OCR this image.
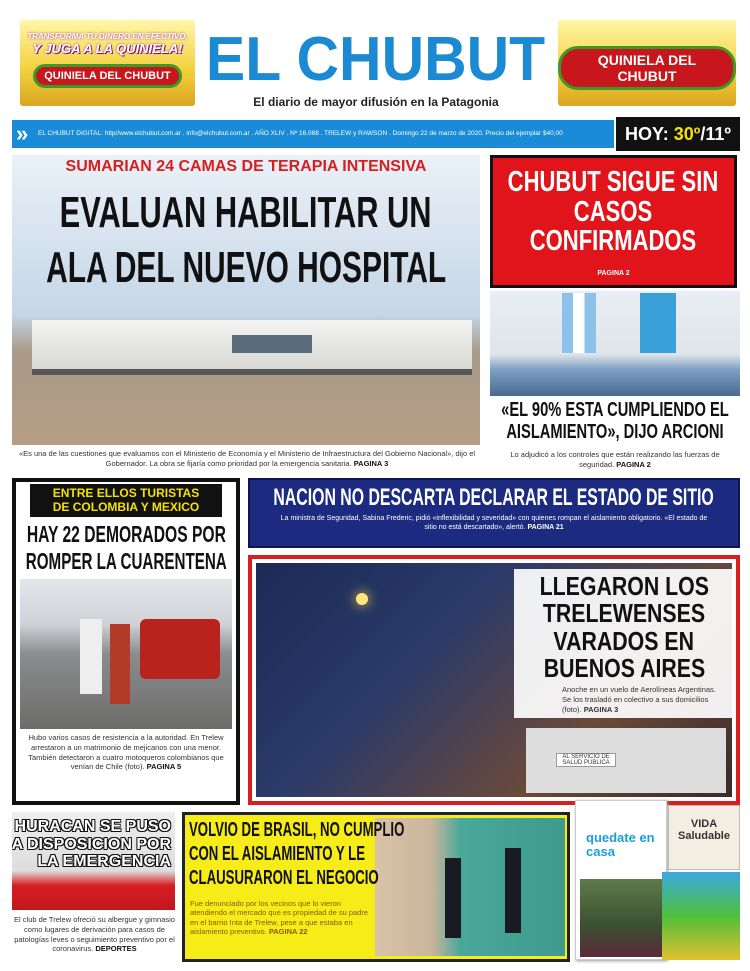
TRANSFORMA TU DINERO EN EFECTIVO,
Y JUGA A LA QUINIELA!
QUINIELA DEL CHUBUT
QUINIELA DEL CHUBUT
EL CHUBUT
El diario de mayor difusión en la Patagonia
EL CHUBUT DIGITAL: http//www.elchubut.com.ar . info@elchubut.com.ar . AÑO XLIV . Nº 16.088 . TRELEW y RAWSON . Domingo 22 de marzo de 2020. Precio del ejemplar $40,00
»	HOY: 30º/11º
SUMARIAN 24 CAMAS DE TERAPIA INTENSIVA
EVALUAN HABILITAR UN
ALA DEL NUEVO HOSPITAL
«Es una de las cuestiones que evaluamos con el Ministerio de Economía y el Ministerio de Infraestructura del Gobierno Nacional», dijo el Gobernador. La obra se fijaría como prioridad por la emergencia sanitaria. PAGINA 3
CHUBUT SIGUE SIN CASOS CONFIRMADOS
PAGINA 2
«EL 90% ESTA CUMPLIENDO EL AISLAMIENTO», DIJO ARCIONI
Lo adjudicó a los controles que están realizando las fuerzas de seguridad. PAGINA 2
ENTRE ELLOS TURISTAS
DE COLOMBIA Y MEXICO
HAY 22 DEMORADOS POR
ROMPER LA CUARENTENA
Hubo varios casos de resistencia a la autoridad. En Trelew arrestaron a un matrimonio de mejicanos con una menor. También detectaron a cuatro motoqueros colombianos que venían de Chile (foto). PAGINA 5
NACION NO DESCARTA DECLARAR EL ESTADO DE SITIO
La ministra de Seguridad, Sabina Frederic, pidió «inflexibilidad y severidad» con quienes rompan el aislamiento obligatorio. «El estado de sitio no está descartado», alertó. PAGINA 21
AL SERVICIO DE SALUD PUBLICA
LLEGARON LOS
TRELEWENSES
VARADOS EN
BUENOS AIRES
Anoche en un vuelo de Aerolíneas Argentinas. Se los trasladó en colectivo a sus domicilios (foto). PAGINA 3
HURACAN SE PUSO
A DISPOSICION POR
LA EMERGENCIA
El club de Trelew ofreció su albergue y gimnasio como lugares de derivación para casos de patologías leves o seguimiento preventivo por el coronavirus. DEPORTES
VOLVIO DE BRASIL, NO CUMPLIO
CON EL AISLAMIENTO Y LE
CLAUSURARON EL NEGOCIO
Fue denunciado por los vecinos que lo vieron atendiendo el mercado que es propiedad de su padre en el barrio Inta de Trelew, pese a que estaba en aislamiento preventivo. PAGINA 22
quedate en casa
VIDA Saludable
